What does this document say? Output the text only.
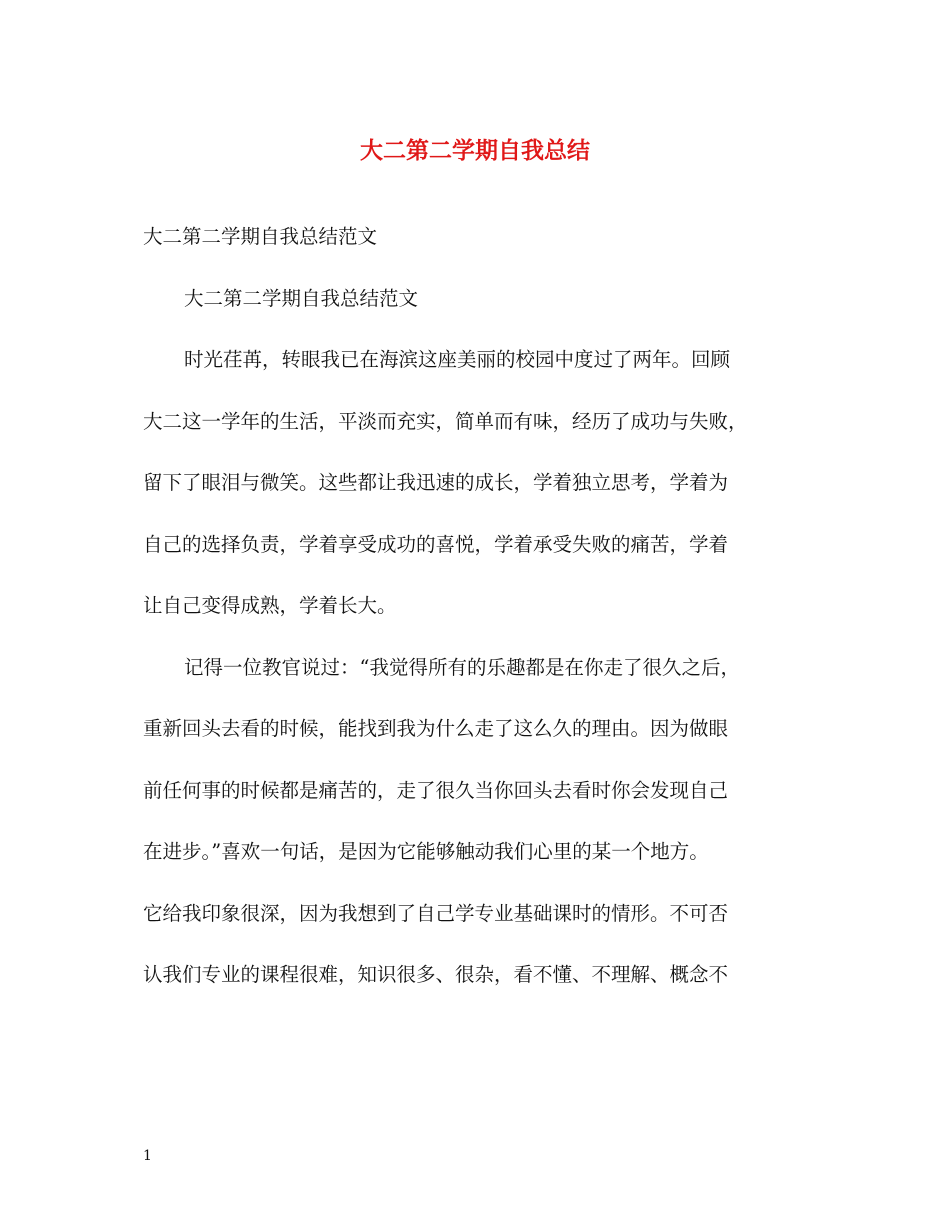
大二第二学期自我总结
大二第二学期自我总结范文
大二第二学期自我总结范文
时光荏苒，转眼我已在海滨这座美丽的校园中度过了两年。回顾
大二这一学年的生活，平淡而充实，简单而有味，经历了成功与失败，
留下了眼泪与微笑。这些都让我迅速的成长，学着独立思考，学着为
自己的选择负责，学着享受成功的喜悦，学着承受失败的痛苦，学着
让自己变得成熟，学着长大。
记得一位教官说过：“我觉得所有的乐趣都是在你走了很久之后，
重新回头去看的时候，能找到我为什么走了这么久的理由。因为做眼
前任何事的时候都是痛苦的，走了很久当你回头去看时你会发现自己
在进步。”喜欢一句话，是因为它能够触动我们心里的某一个地方。
它给我印象很深，因为我想到了自己学专业基础课时的情形。不可否
认我们专业的课程很难，知识很多、很杂，看不懂、不理解、概念不
1
